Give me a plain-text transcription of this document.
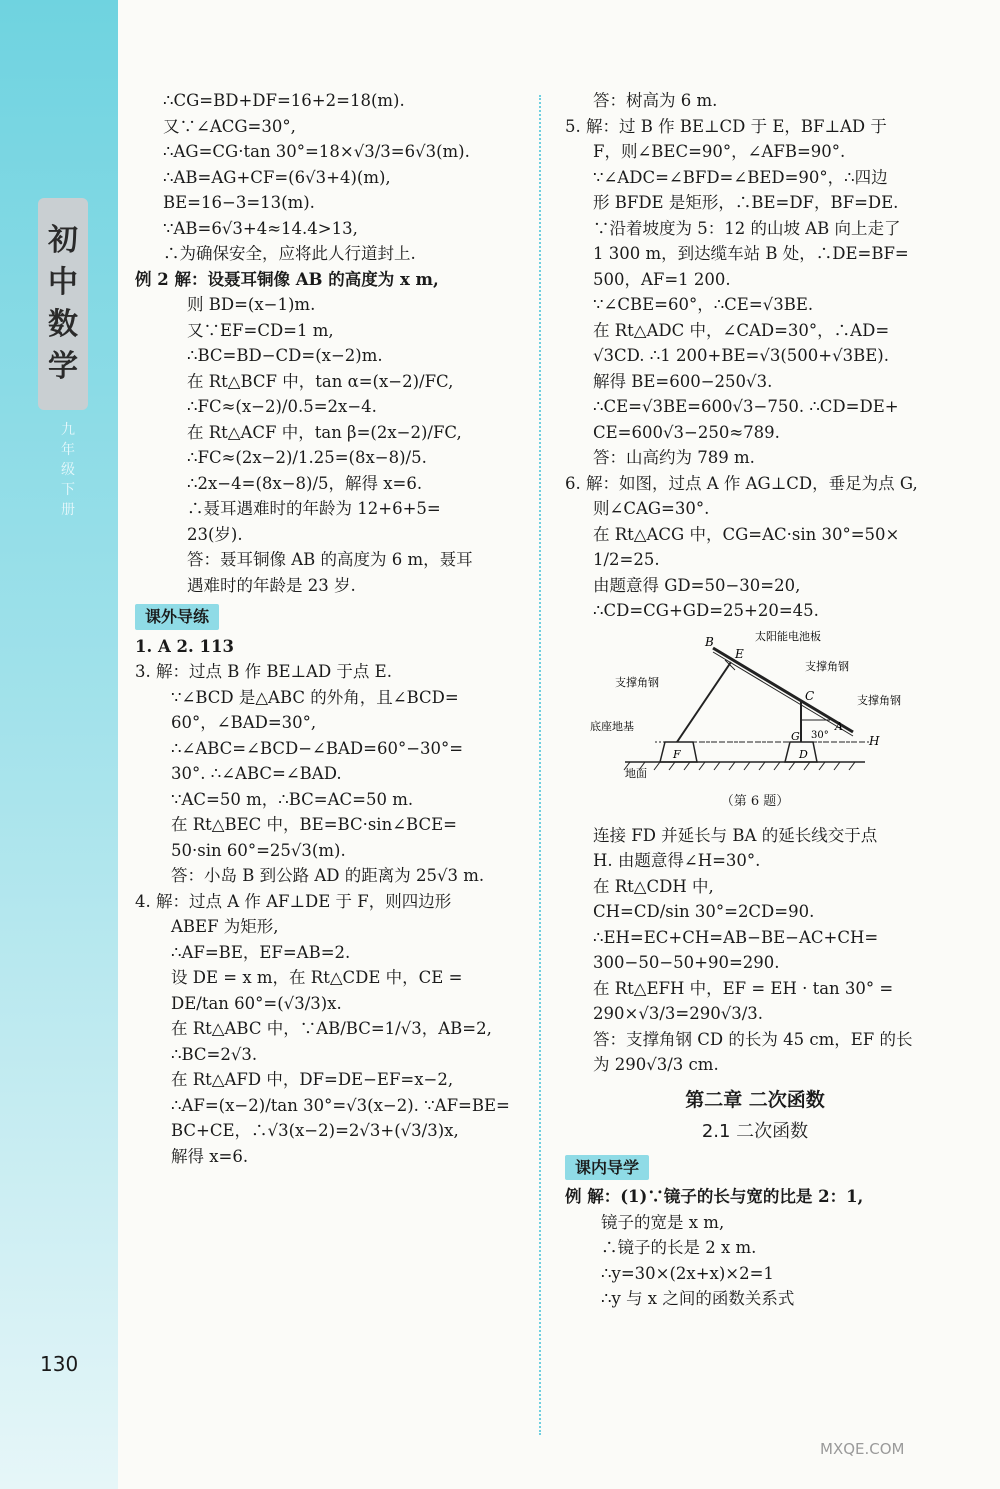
初
中
数
学
九年级 下册
130

∴CG=BD+DF=16+2=18(m).

又∵∠ACG=30°,

∴AG=CG·tan 30°=18×√3/3=6√3(m).

∴AB=AG+CF=(6√3+4)(m),

BE=16−3=13(m).

∵AB=6√3+4≈14.4>13,

∴为确保安全，应将此人行道封上.

例 2 解：设聂耳铜像 AB 的高度为 x m,

则 BD=(x−1)m.

又∵EF=CD=1 m,

∴BC=BD−CD=(x−2)m.

在 Rt△BCF 中，tan α=(x−2)/FC,

∴FC≈(x−2)/0.5=2x−4.

在 Rt△ACF 中，tan β=(2x−2)/FC,

∴FC≈(2x−2)/1.25=(8x−8)/5.

∴2x−4=(8x−8)/5，解得 x=6.

∴聂耳遇难时的年龄为 12+6+5=

23(岁).

答：聂耳铜像 AB 的高度为 6 m，聂耳

遇难时的年龄是 23 岁.

课外导练

1. A 2. 113

3. 解：过点 B 作 BE⊥AD 于点 E.

∵∠BCD 是△ABC 的外角，且∠BCD=

60°，∠BAD=30°,

∴∠ABC=∠BCD−∠BAD=60°−30°=

30°. ∴∠ABC=∠BAD.

∵AC=50 m，∴BC=AC=50 m.

在 Rt△BEC 中，BE=BC·sin∠BCE=

50·sin 60°=25√3(m).

答：小岛 B 到公路 AD 的距离为 25√3 m.

4. 解：过点 A 作 AF⊥DE 于 F，则四边形

ABEF 为矩形,

∴AF=BE，EF=AB=2.

设 DE = x m，在 Rt△CDE 中，CE =

DE/tan 60°=(√3/3)x.

在 Rt△ABC 中，∵AB/BC=1/√3，AB=2,

∴BC=2√3.

在 Rt△AFD 中，DF=DE−EF=x−2,

∴AF=(x−2)/tan 30°=√3(x−2). ∵AF=BE=

BC+CE，∴√3(x−2)=2√3+(√3/3)x,

解得 x=6.

答：树高为 6 m.

5. 解：过 B 作 BE⊥CD 于 E，BF⊥AD 于

F，则∠BEC=90°，∠AFB=90°.

∵∠ADC=∠BFD=∠BED=90°，∴四边

形 BFDE 是矩形，∴BE=DF，BF=DE.

∵沿着坡度为 5：12 的山坡 AB 向上走了

1 300 m，到达缆车站 B 处，∴DE=BF=

500，AF=1 200.

∵∠CBE=60°，∴CE=√3BE.

在 Rt△ADC 中，∠CAD=30°，∴AD=

√3CD. ∴1 200+BE=√3(500+√3BE).

解得 BE=600−250√3.

∴CE=√3BE=600√3−750. ∴CD=DE+

CE=600√3−250≈789.

答：山高约为 789 m.

6. 解：如图，过点 A 作 AG⊥CD，垂足为点 G,

则∠CAG=30°.

在 Rt△ACG 中，CG=AC·sin 30°=50×

1/2=25.

由题意得 GD=50−30=20,

∴CD=CG+GD=25+20=45.

B
E
C
A
G
F	D
H
30°
太阳能电池板
支撑角钢
支撑角钢
支撑角钢
底座地基
地面
（第 6 题）

连接 FD 并延长与 BA 的延长线交于点

H. 由题意得∠H=30°.

在 Rt△CDH 中,

CH=CD/sin 30°=2CD=90.

∴EH=EC+CH=AB−BE−AC+CH=

300−50−50+90=290.

在 Rt△EFH 中，EF = EH · tan 30° =

290×√3/3=290√3/3.

答：支撑角钢 CD 的长为 45 cm，EF 的长

为 290√3/3 cm.

第二章 二次函数
2.1 二次函数
课内导学

例 解：(1)∵镜子的长与宽的比是 2：1,

镜子的宽是 x m,

∴镜子的长是 2 x m.

∴y=30×(2x+x)×2=1

∴y 与 x 之间的函数关系式

MXQE.COM
